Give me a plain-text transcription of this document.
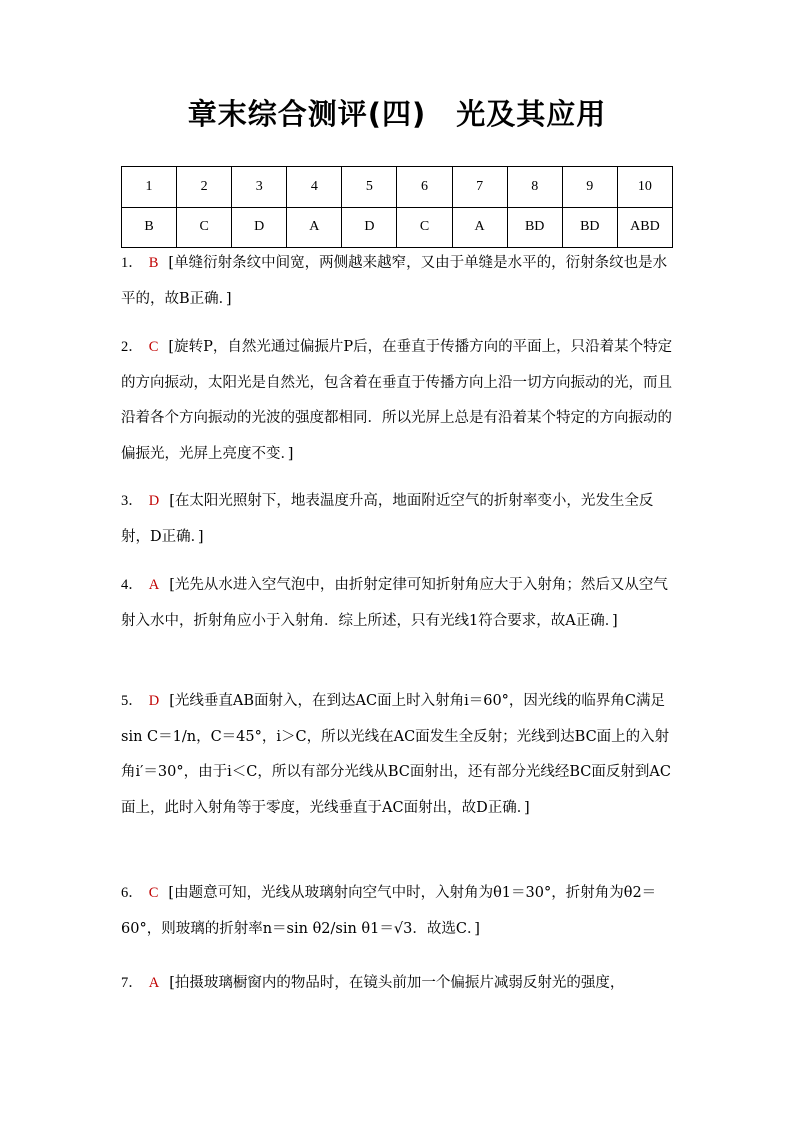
章末综合测评(四)　光及其应用
1	2	3	4	5	6	7	8	9	10
B	C	D	A	D	C	A	BD	BD	ABD
1． B [单缝衍射条纹中间宽，两侧越来越窄，又由于单缝是水平的，衍射条纹也是水平的，故B正确．]
2． C [旋转P，自然光通过偏振片P后，在垂直于传播方向的平面上，只沿着某个特定的方向振动，太阳光是自然光，包含着在垂直于传播方向上沿一切方向振动的光，而且沿着各个方向振动的光波的强度都相同．所以光屏上总是有沿着某个特定的方向振动的偏振光，光屏上亮度不变．]
3． D [在太阳光照射下，地表温度升高，地面附近空气的折射率变小，光发生全反射，D正确．]
4． A [光先从水进入空气泡中，由折射定律可知折射角应大于入射角；然后又从空气射入水中，折射角应小于入射角．综上所述，只有光线1符合要求，故A正确．]
5． D [光线垂直AB面射入，在到达AC面上时入射角i＝60°，因光线的临界角C满足sin C＝1/n，C＝45°，i＞C，所以光线在AC面发生全反射；光线到达BC面上的入射角i′＝30°，由于i＜C，所以有部分光线从BC面射出，还有部分光线经BC面反射到AC面上，此时入射角等于零度，光线垂直于AC面射出，故D正确．]
6． C [由题意可知，光线从玻璃射向空气中时，入射角为θ1＝30°，折射角为θ2＝60°，则玻璃的折射率n＝sin θ2/sin θ1＝√3．故选C．]
7． A [拍摄玻璃橱窗内的物品时，在镜头前加一个偏振片减弱反射光的强度，
